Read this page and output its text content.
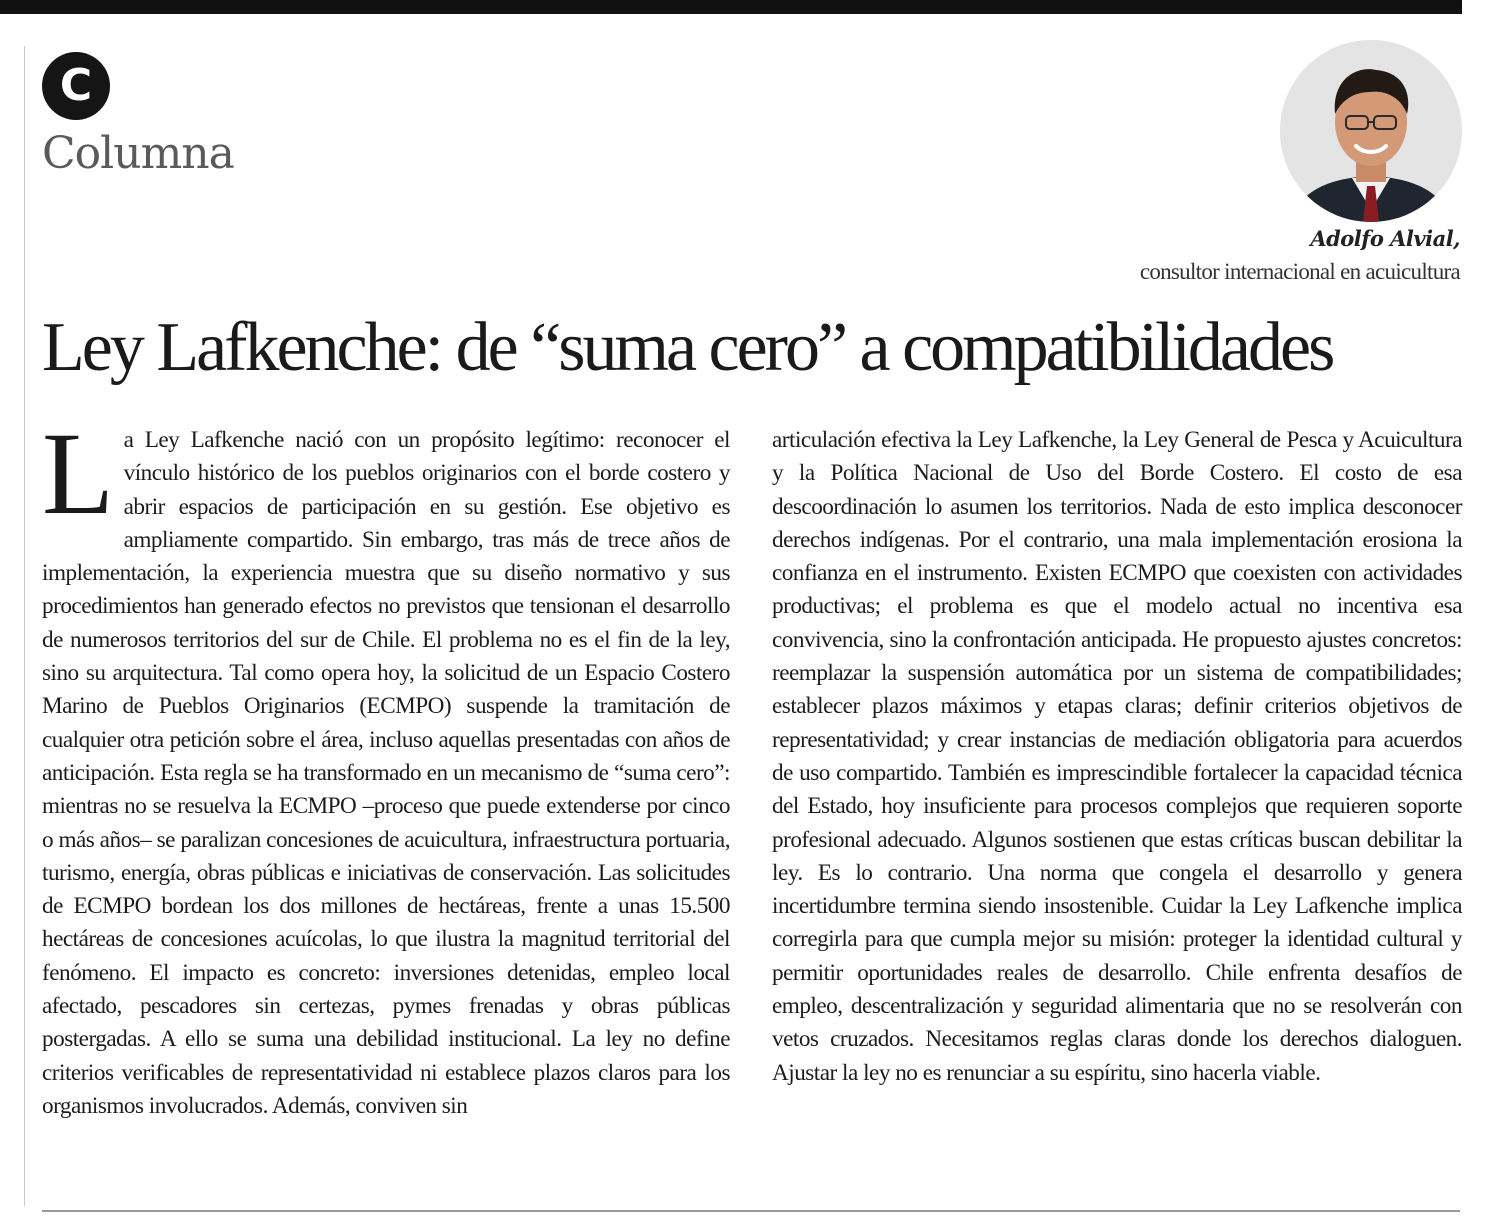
C
Columna
Adolfo Alvial,
consultor internacional en acuicultura
Ley Lafkenche: de “suma cero” a compatibilidades
L a Ley Lafkenche nació con un propósito legítimo: reconocer el vínculo histórico de los pueblos originarios con el borde costero y abrir espacios de participación en su gestión. Ese objetivo es ampliamente compartido. Sin embargo, tras más de trece años de implementación, la experiencia muestra que su diseño normativo y sus procedimientos han generado efectos no previstos que tensionan el desarrollo de numerosos territorios del sur de Chile. El problema no es el fin de la ley, sino su arquitectura. Tal como opera hoy, la solicitud de un Espacio Costero Marino de Pueblos Originarios (ECMPO) suspende la tramitación de cualquier otra petición sobre el área, incluso aquellas presentadas con años de anticipación. Esta regla se ha transformado en un mecanismo de “suma cero”: mientras no se resuelva la ECMPO –proceso que puede extenderse por cinco o más años– se paralizan concesiones de acuicultura, infraestructura portuaria, turismo, energía, obras públicas e iniciativas de conservación. Las solicitudes de ECMPO bordean los dos millones de hectáreas, frente a unas 15.500 hectáreas de concesiones acuícolas, lo que ilustra la magnitud territorial del fenómeno. El impacto es concreto: inversiones detenidas, empleo local afectado, pescadores sin certezas, pymes frenadas y obras públicas postergadas. A ello se suma una debilidad institucional. La ley no define criterios verificables de representatividad ni establece plazos claros para los organismos involucrados. Además, conviven sin

articulación efectiva la Ley Lafkenche, la Ley General de Pesca y Acuicultura y la Política Nacional de Uso del Borde Costero. El costo de esa descoordinación lo asumen los territorios. Nada de esto implica desconocer derechos indígenas. Por el contrario, una mala implementación erosiona la confianza en el instrumento. Existen ECMPO que coexisten con actividades productivas; el problema es que el modelo actual no incentiva esa convivencia, sino la confrontación anticipada. He propuesto ajustes concretos: reemplazar la suspensión automática por un sistema de compatibilidades; establecer plazos máximos y etapas claras; definir criterios objetivos de representatividad; y crear instancias de mediación obligatoria para acuerdos de uso compartido. También es imprescindible fortalecer la capacidad técnica del Estado, hoy insuficiente para procesos complejos que requieren soporte profesional adecuado. Algunos sostienen que estas críticas buscan debilitar la ley. Es lo contrario. Una norma que congela el desarrollo y genera incertidumbre termina siendo insostenible. Cuidar la Ley Lafkenche implica corregirla para que cumpla mejor su misión: proteger la identidad cultural y permitir oportunidades reales de desarrollo. Chile enfrenta desafíos de empleo, descentralización y seguridad alimentaria que no se resolverán con vetos cruzados. Necesitamos reglas claras donde los derechos dialoguen. Ajustar la ley no es renunciar a su espíritu, sino hacerla viable.
